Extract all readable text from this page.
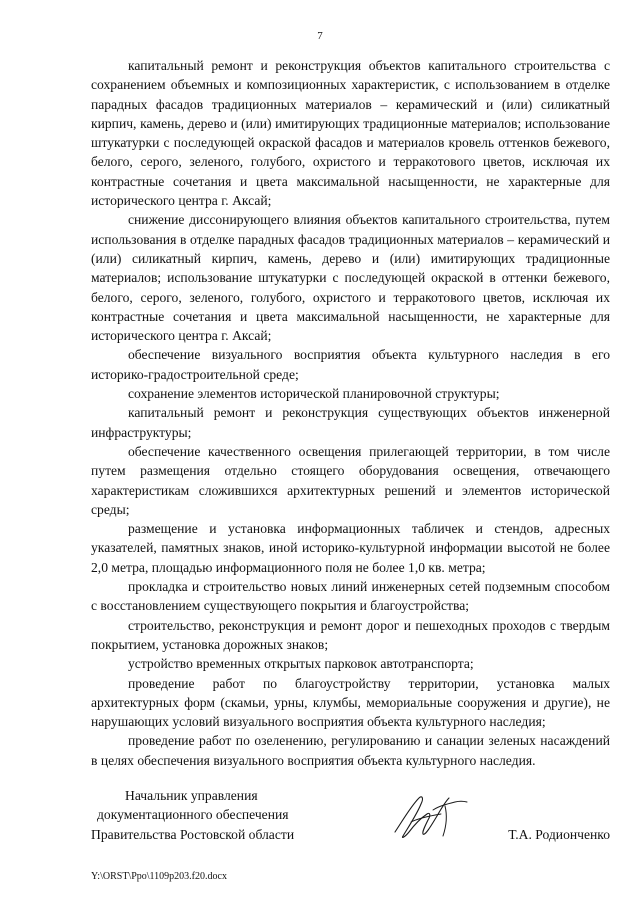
7

капитальный ремонт и реконструкция объектов капитального строительства с сохранением объемных и композиционных характеристик, с использованием в отделке парадных фасадов традиционных материалов – керамический и (или) силикатный кирпич, камень, дерево и (или) имитирующих традиционные материалов; использование штукатурки с последующей окраской фасадов и материалов кровель оттенков бежевого, белого, серого, зеленого, голубого, охристого и терракотового цветов, исключая их контрастные сочетания и цвета максимальной насыщенности, не характерные для исторического центра г. Аксай;

снижение диссонирующего влияния объектов капитального строительства, путем использования в отделке парадных фасадов традиционных материалов – керамический и (или) силикатный кирпич, камень, дерево и (или) имитирующих традиционные материалов; использование штукатурки с последующей окраской в оттенки бежевого, белого, серого, зеленого, голубого, охристого и терракотового цветов, исключая их контрастные сочетания и цвета максимальной насыщенности, не характерные для исторического центра г. Аксай;

обеспечение визуального восприятия объекта культурного наследия в его историко-градостроительной среде;

сохранение элементов исторической планировочной структуры;

капитальный ремонт и реконструкция существующих объектов инженерной инфраструктуры;

обеспечение качественного освещения прилегающей территории, в том числе путем размещения отдельно стоящего оборудования освещения, отвечающего характеристикам сложившихся архитектурных решений и элементов исторической среды;

размещение и установка информационных табличек и стендов, адресных указателей, памятных знаков, иной историко-культурной информации высотой не более 2,0 метра, площадью информационного поля не более 1,0 кв. метра;

прокладка и строительство новых линий инженерных сетей подземным способом с восстановлением существующего покрытия и благоустройства;

строительство, реконструкция и ремонт дорог и пешеходных проходов с твердым покрытием, установка дорожных знаков;

устройство временных открытых парковок автотранспорта;

проведение работ по благоустройству территории, установка малых архитектурных форм (скамьи, урны, клумбы, мемориальные сооружения и другие), не нарушающих условий визуального восприятия объекта культурного наследия;

проведение работ по озеленению, регулированию и санации зеленых насаждений в целях обеспечения визуального восприятия объекта культурного наследия.

Начальник управления
документационного обеспечения
Правительства Ростовской области	Т.А. Родионченко
Y:\ORST\Ppo\1109p203.f20.docx
